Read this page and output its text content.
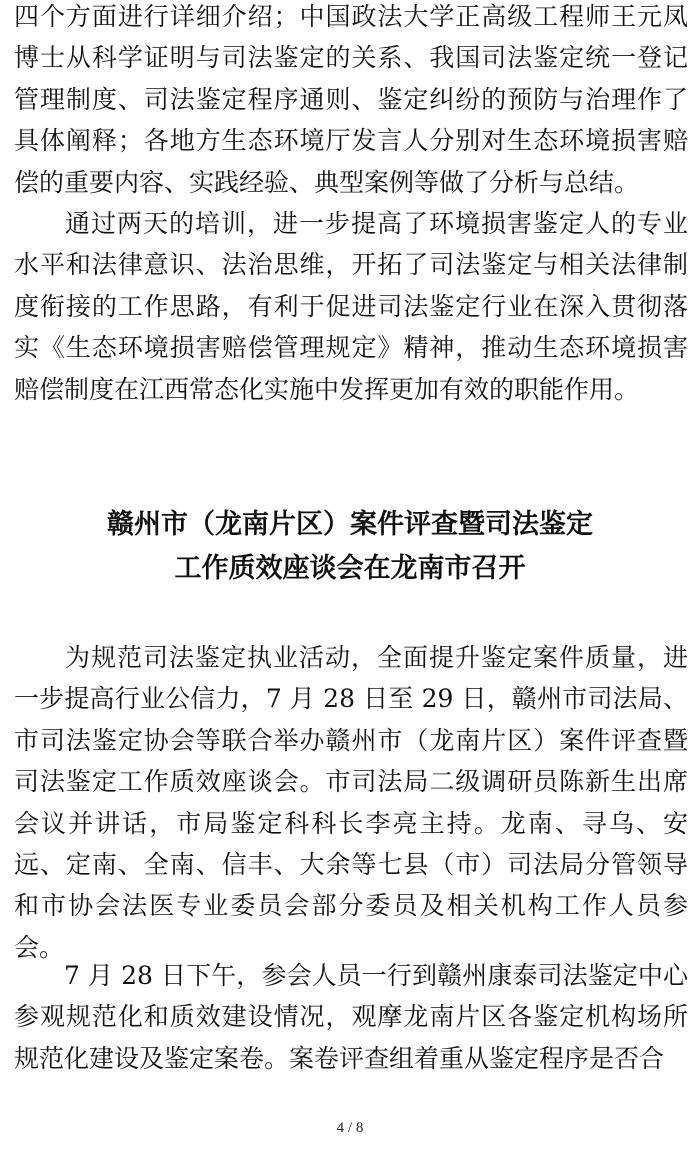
四个方面进行详细介绍；中国政法大学正高级工程师王元凤博士从科学证明与司法鉴定的关系、我国司法鉴定统一登记管理制度、司法鉴定程序通则、鉴定纠纷的预防与治理作了具体阐释；各地方生态环境厅发言人分别对生态环境损害赔偿的重要内容、实践经验、典型案例等做了分析与总结。

通过两天的培训，进一步提高了环境损害鉴定人的专业水平和法律意识、法治思维，开拓了司法鉴定与相关法律制度衔接的工作思路，有利于促进司法鉴定行业在深入贯彻落实《生态环境损害赔偿管理规定》精神，推动生态环境损害赔偿制度在江西常态化实施中发挥更加有效的职能作用。

赣州市（龙南片区）案件评查暨司法鉴定
工作质效座谈会在龙南市召开

为规范司法鉴定执业活动，全面提升鉴定案件质量，进一步提高行业公信力，7 月 28 日至 29 日，赣州市司法局、市司法鉴定协会等联合举办赣州市（龙南片区）案件评查暨司法鉴定工作质效座谈会。市司法局二级调研员陈新生出席会议并讲话，市局鉴定科科长李亮主持。龙南、寻乌、安远、定南、全南、信丰、大余等七县（市）司法局分管领导和市协会法医专业委员会部分委员及相关机构工作人员参会。

7 月 28 日下午，参会人员一行到赣州康泰司法鉴定中心参观规范化和质效建设情况，观摩龙南片区各鉴定机构场所规范化建设及鉴定案卷。案卷评查组着重从鉴定程序是否合

4 / 8
